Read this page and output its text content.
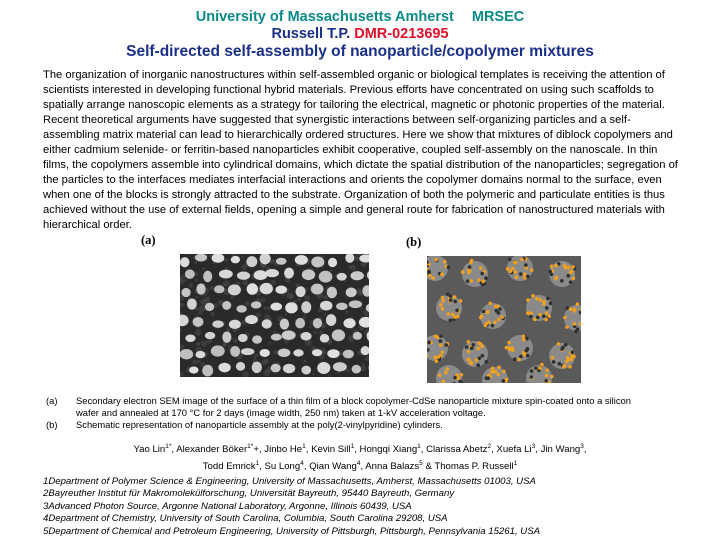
University of Massachusetts Amherst MRSEC
Russell T.P. DMR-0213695
Self-directed self-assembly of nanoparticle/copolymer mixtures

The organization of inorganic nanostructures within self-assembled organic or biological templates is receiving the attention of scientists interested in developing functional hybrid materials. Previous efforts have concentrated on using such scaffolds to spatially arrange nanoscopic elements as a strategy for tailoring the electrical, magnetic or photonic properties of the material. Recent theoretical arguments have suggested that synergistic interactions between self-organizing particles and a self-assembling matrix material can lead to hierarchically ordered structures. Here we show that mixtures of diblock copolymers and either cadmium selenide- or ferritin-based nanoparticles exhibit cooperative, coupled self-assembly on the nanoscale. In thin films, the copolymers assemble into cylindrical domains, which dictate the spatial distribution of the nanoparticles; segregation of the particles to the interfaces mediates interfacial interactions and orients the copolymer domains normal to the surface, even when one of the blocks is strongly attracted to the substrate. Organization of both the polymeric and particulate entities is thus achieved without the use of external fields, opening a simple and general route for fabrication of nanostructured materials with hierarchical order.

(a)	(b)
(a)	Secondary electron SEM image of the surface of a thin film of a block copolymer-CdSe nanoparticle mixture spin-coated onto a silicon
wafer and annealed at 170 °C for 2 days (image width, 250 nm) taken at 1-kV acceleration voltage.
(b)	Schematic representation of nanoparticle assembly at the poly(2-vinylpyridine) cylinders.
Yao Lin$^{1*}$, Alexander Böker$^{1*}$+, Jinbo He$^1$, Kevin Sill$^1$, Hongqi Xiang$^1$, Clarissa Abetz$^2$, Xuefa Li$^3$, Jin Wang$^3$,
Todd Emrick$^1$, Su Long$^4$, Qian Wang$^4$, Anna Balazs$^5$ & Thomas P. Russell$^1$
1Department of Polymer Science & Engineering, University of Massachusetts, Amherst, Massachusetts 01003, USA
2Bayreuther Institut für Makromolekülforschung, Universität Bayreuth, 95440 Bayreuth, Germany
3Advanced Photon Source, Argonne National Laboratory, Argonne, Illinois 60439, USA
4Department of Chemistry, University of South Carolina, Columbia, South Carolina 29208, USA
5Department of Chemical and Petroleum Engineering, University of Pittsburgh, Pittsburgh, Pennsylvania 15261, USA
